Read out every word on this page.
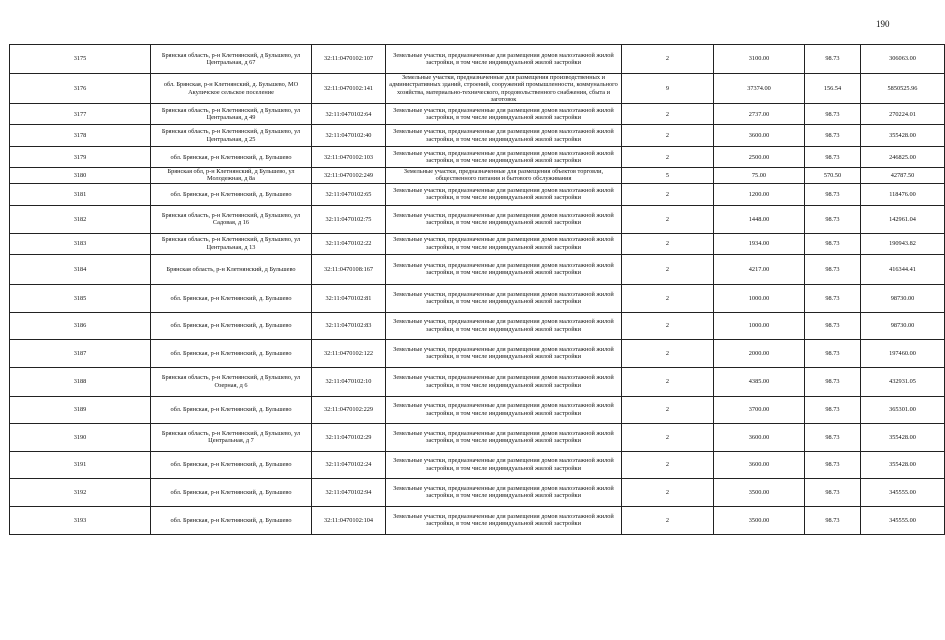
190
3175	Брянская область, р-н Клетнянский, д Бульшево, ул Центральная, д 67	32:11:0470102:107	Земельные участки, предназначенные для размещения домов малоэтажной жилой застройки, в том числе индивидуальной жилой застройки	2	3100.00	98.73	306063.00
3176	обл. Брянская, р-н Клетнянский, д. Бульшево, МО Акуличское сельское поселение	32:11:0470102:141	Земельные участки, предназначенные для размещения производственных и административных зданий, строений, сооружений промышленности, коммунального хозяйства, материально-технического, продовольственного снабжения, сбыта и заготовок	9	37374.00	156.54	5850525.96
3177	Брянская область, р-н Клетнянский, д Бульшево, ул Центральная, д 49	32:11:0470102:64	Земельные участки, предназначенные для размещения домов малоэтажной жилой застройки, в том числе индивидуальной жилой застройки	2	2737.00	98.73	270224.01
3178	Брянская область, р-н Клетнянский, д Бульшево, ул Центральная, д 25	32:11:0470102:40	Земельные участки, предназначенные для размещения домов малоэтажной жилой застройки, в том числе индивидуальной жилой застройки	2	3600.00	98.73	355428.00
3179	обл. Брянская, р-н Клетнянский, д. Бульшево	32:11:0470102:103	Земельные участки, предназначенные для размещения домов малоэтажной жилой застройки, в том числе индивидуальной жилой застройки	2	2500.00	98.73	246825.00
3180	Брянская обл, р-н Клетнянский, д Бульшево, ул Молодежная, д 8а	32:11:0470102:249	Земельные участки, предназначенные для размещения объектов торговли, общественного питания и бытового обслуживания	5	75.00	570.50	42787.50
3181	обл. Брянская, р-н Клетнянский, д. Бульшево	32:11:0470102:65	Земельные участки, предназначенные для размещения домов малоэтажной жилой застройки, в том числе индивидуальной жилой застройки	2	1200.00	98.73	118476.00
3182	Брянская область, р-н Клетнянский, д Бульшево, ул Садовая, д 16	32:11:0470102:75	Земельные участки, предназначенные для размещения домов малоэтажной жилой застройки, в том числе индивидуальной жилой застройки	2	1448.00	98.73	142961.04
3183	Брянская область, р-н Клетнянский, д Бульшево, ул Центральная, д 13	32:11:0470102:22	Земельные участки, предназначенные для размещения домов малоэтажной жилой застройки, в том числе индивидуальной жилой застройки	2	1934.00	98.73	190943.82
3184	Брянская область, р-н Клетнянский, д Бульшево	32:11:0470108:167	Земельные участки, предназначенные для размещения домов малоэтажной жилой застройки, в том числе индивидуальной жилой застройки	2	4217.00	98.73	416344.41
3185	обл. Брянская, р-н Клетнянский, д. Бульшево	32:11:0470102:81	Земельные участки, предназначенные для размещения домов малоэтажной жилой застройки, в том числе индивидуальной жилой застройки	2	1000.00	98.73	98730.00
3186	обл. Брянская, р-н Клетнянский, д. Бульшево	32:11:0470102:83	Земельные участки, предназначенные для размещения домов малоэтажной жилой застройки, в том числе индивидуальной жилой застройки	2	1000.00	98.73	98730.00
3187	обл. Брянская, р-н Клетнянский, д. Бульшево	32:11:0470102:122	Земельные участки, предназначенные для размещения домов малоэтажной жилой застройки, в том числе индивидуальной жилой застройки	2	2000.00	98.73	197460.00
3188	Брянская область, р-н Клетнянский, д Бульшево, ул Озерная, д 6	32:11:0470102:10	Земельные участки, предназначенные для размещения домов малоэтажной жилой застройки, в том числе индивидуальной жилой застройки	2	4385.00	98.73	432931.05
3189	обл. Брянская, р-н Клетнянский, д. Бульшево	32:11:0470102:229	Земельные участки, предназначенные для размещения домов малоэтажной жилой застройки, в том числе индивидуальной жилой застройки	2	3700.00	98.73	365301.00
3190	Брянская область, р-н Клетнянский, д Бульшево, ул Центральная, д 7	32:11:0470102:29	Земельные участки, предназначенные для размещения домов малоэтажной жилой застройки, в том числе индивидуальной жилой застройки	2	3600.00	98.73	355428.00
3191	обл. Брянская, р-н Клетнянский, д. Бульшево	32:11:0470102:24	Земельные участки, предназначенные для размещения домов малоэтажной жилой застройки, в том числе индивидуальной жилой застройки	2	3600.00	98.73	355428.00
3192	обл. Брянская, р-н Клетнянский, д. Бульшево	32:11:0470102:94	Земельные участки, предназначенные для размещения домов малоэтажной жилой застройки, в том числе индивидуальной жилой застройки	2	3500.00	98.73	345555.00
3193	обл. Брянская, р-н Клетнянский, д. Бульшево	32:11:0470102:104	Земельные участки, предназначенные для размещения домов малоэтажной жилой застройки, в том числе индивидуальной жилой застройки	2	3500.00	98.73	345555.00
